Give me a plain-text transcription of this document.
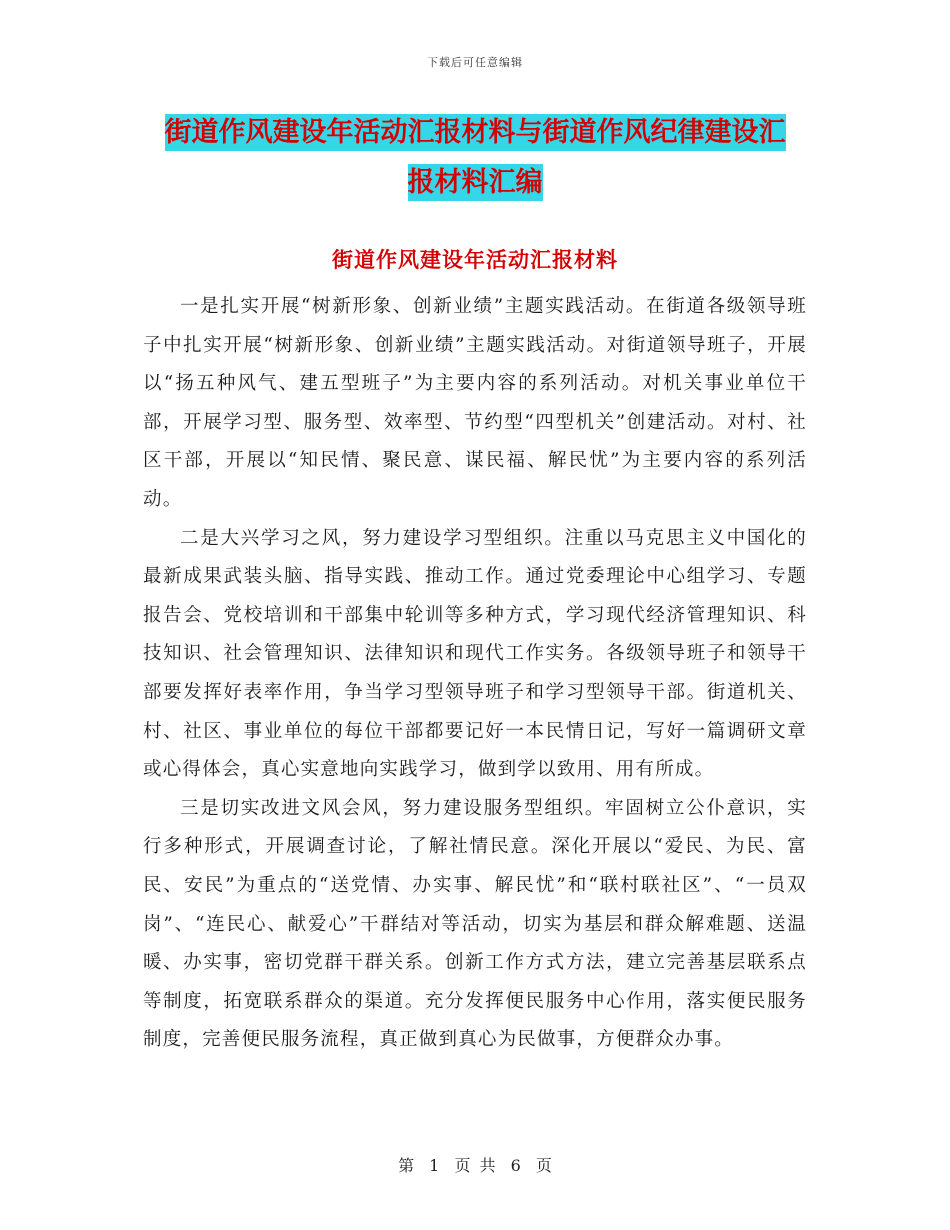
下载后可任意编辑
街道作风建设年活动汇报材料与街道作风纪律建设汇
报材料汇编
街道作风建设年活动汇报材料

一是扎实开展“树新形象、创新业绩”主题实践活动。在街道各级领导班子中扎实开展“树新形象、创新业绩”主题实践活动。对街道领导班子，开展以“扬五种风气、建五型班子”为主要内容的系列活动。对机关事业单位干部，开展学习型、服务型、效率型、节约型“四型机关”创建活动。对村、社区干部，开展以“知民情、聚民意、谋民福、解民忧”为主要内容的系列活动。

二是大兴学习之风，努力建设学习型组织。注重以马克思主义中国化的最新成果武装头脑、指导实践、推动工作。通过党委理论中心组学习、专题报告会、党校培训和干部集中轮训等多种方式，学习现代经济管理知识、科技知识、社会管理知识、法律知识和现代工作实务。各级领导班子和领导干部要发挥好表率作用，争当学习型领导班子和学习型领导干部。街道机关、村、社区、事业单位的每位干部都要记好一本民情日记，写好一篇调研文章或心得体会，真心实意地向实践学习，做到学以致用、用有所成。

三是切实改进文风会风，努力建设服务型组织。牢固树立公仆意识，实行多种形式，开展调查讨论，了解社情民意。深化开展以“爱民、为民、富民、安民”为重点的“送党情、办实事、解民忧”和“联村联社区”、“一员双岗”、“连民心、献爱心”干群结对等活动，切实为基层和群众解难题、送温暖、办实事，密切党群干群关系。创新工作方式方法，建立完善基层联系点等制度，拓宽联系群众的渠道。充分发挥便民服务中心作用，落实便民服务制度，完善便民服务流程，真正做到真心为民做事，方便群众办事。

第 1 页 共 6 页
